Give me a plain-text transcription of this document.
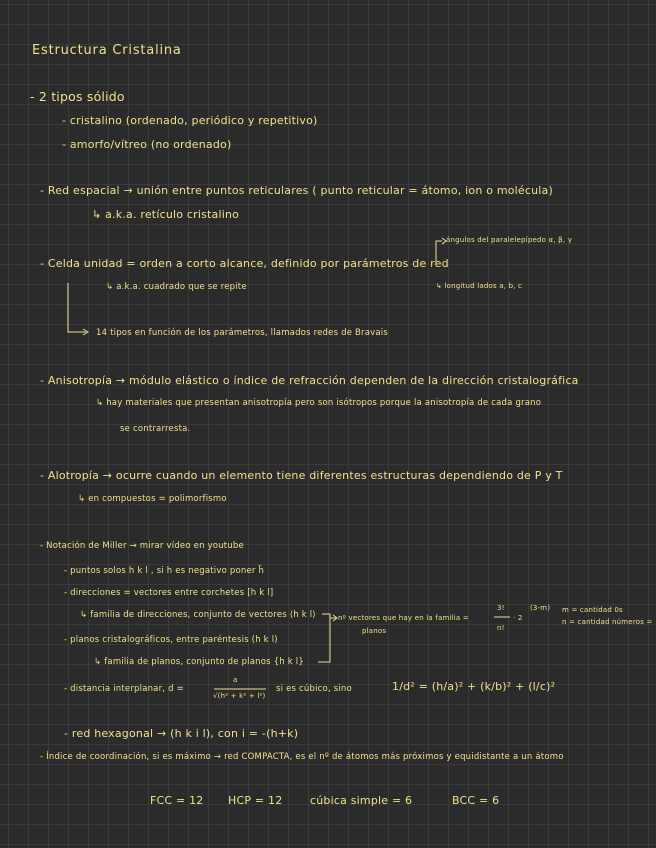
Estructura Cristalina
- 2 tipos sólido
- cristalino (ordenado, periódico y repetitivo)
- amorfo/vítreo (no ordenado)
- Red espacial → unión entre puntos reticulares ( punto reticular = átomo, ion o molécula)
↳ a.k.a. retículo cristalino
ángulos del paralelepípedo α, β, γ
- Celda unidad = orden a corto alcance, definido por parámetros de red
↳ a.k.a. cuadrado que se repite	↳ longitud lados a, b, c
14 tipos en función de los parámetros, llamados redes de Bravais
- Anisotropía → módulo elástico o índice de refracción dependen de la dirección cristalográfica
↳ hay materiales que presentan anisotropía pero son isótropos porque la anisotropía de cada grano
se contrarresta.
- Alotropía → ocurre cuando un elemento tiene diferentes estructuras dependiendo de P y T
↳ en compuestos = polimorfismo
- Notación de Miller → mirar vídeo en youtube
- puntos solos h k l , si h es negativo poner h̄
- direcciones = vectores entre corchetes [h k l]
↳ familia de direcciones, conjunto de vectores ⟨h k l⟩	nº vectores que hay en la familia =
planos
3!
n!
· 2
(3-m) m = cantidad 0s
n = cantidad números =
- planos cristalográficos, entre paréntesis (h k l)
↳ familia de planos, conjunto de planos {h k l}
- distancia interplanar, d =
a
√(h² + k² + l²)
si es cúbico, sino	1/d² = (h/a)² + (k/b)² + (l/c)²
- red hexagonal → (h k i l), con i = -(h+k)
- Índice de coordinación, si es máximo → red COMPACTA, es el nº de átomos más próximos y equidistante a un átomo
FCC = 12 HCP = 12	cúbica simple = 6	BCC = 6
